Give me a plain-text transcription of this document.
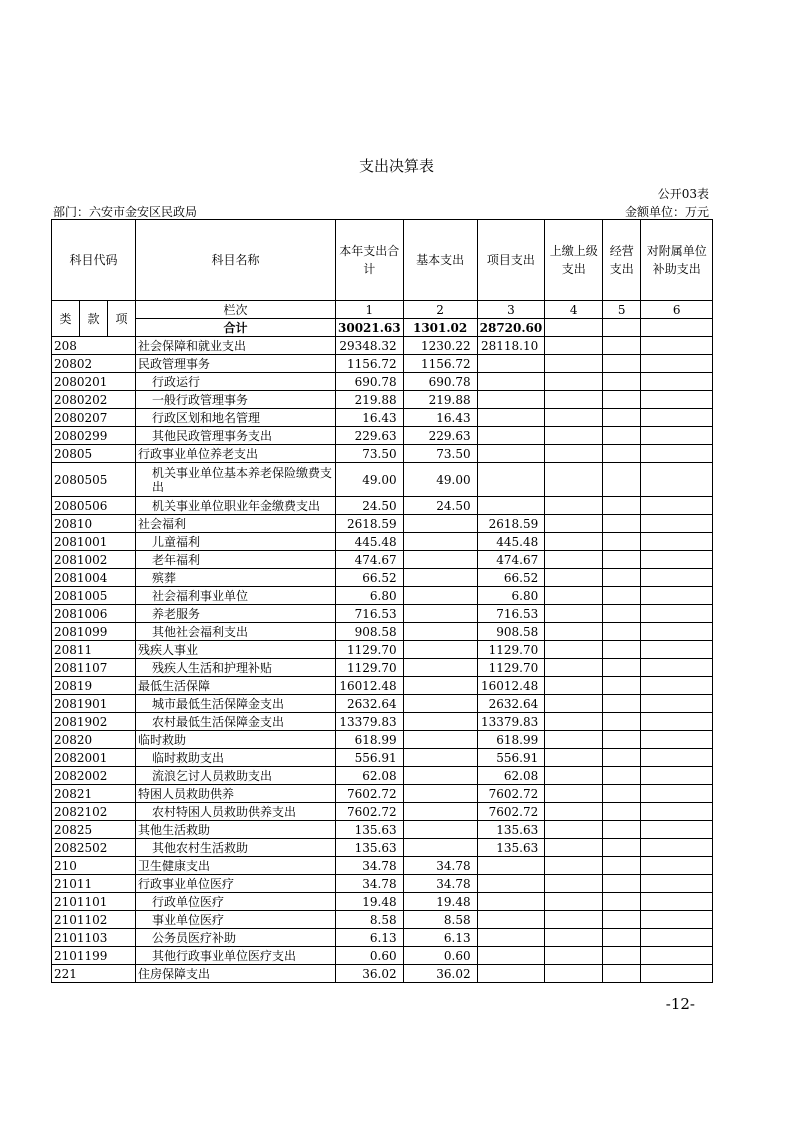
支出决算表
公开03表
部门：六安市金安区民政局	金额单位：万元
科目代码			科目名称	本年支出合计	基本支出	项目支出	上缴上级支出	经营支出	对附属单位补助支出
类	款	项	栏次	1	2	3	4	5	6
			合计	30021.63	1301.02	28720.60			
208			社会保障和就业支出	29348.32	1230.22	28118.10			
20802			民政管理事务	1156.72	1156.72				
2080201			行政运行	690.78	690.78				
2080202			一般行政管理事务	219.88	219.88				
2080207			行政区划和地名管理	16.43	16.43				
2080299			其他民政管理事务支出	229.63	229.63				
20805			行政事业单位养老支出	73.50	73.50				
2080505			机关事业单位基本养老保险缴费支出	49.00	49.00				
2080506			机关事业单位职业年金缴费支出	24.50	24.50				
20810			社会福利	2618.59		2618.59			
2081001			儿童福利	445.48		445.48			
2081002			老年福利	474.67		474.67			
2081004			殡葬	66.52		66.52			
2081005			社会福利事业单位	6.80		6.80			
2081006			养老服务	716.53		716.53			
2081099			其他社会福利支出	908.58		908.58			
20811			残疾人事业	1129.70		1129.70			
2081107			残疾人生活和护理补贴	1129.70		1129.70			
20819			最低生活保障	16012.48		16012.48			
2081901			城市最低生活保障金支出	2632.64		2632.64			
2081902			农村最低生活保障金支出	13379.83		13379.83			
20820			临时救助	618.99		618.99			
2082001			临时救助支出	556.91		556.91			
2082002			流浪乞讨人员救助支出	62.08		62.08			
20821			特困人员救助供养	7602.72		7602.72			
2082102			农村特困人员救助供养支出	7602.72		7602.72			
20825			其他生活救助	135.63		135.63			
2082502			其他农村生活救助	135.63		135.63			
210			卫生健康支出	34.78	34.78				
21011			行政事业单位医疗	34.78	34.78				
2101101			行政单位医疗	19.48	19.48				
2101102			事业单位医疗	8.58	8.58				
2101103			公务员医疗补助	6.13	6.13				
2101199			其他行政事业单位医疗支出	0.60	0.60				
221			住房保障支出	36.02	36.02				
-12-
